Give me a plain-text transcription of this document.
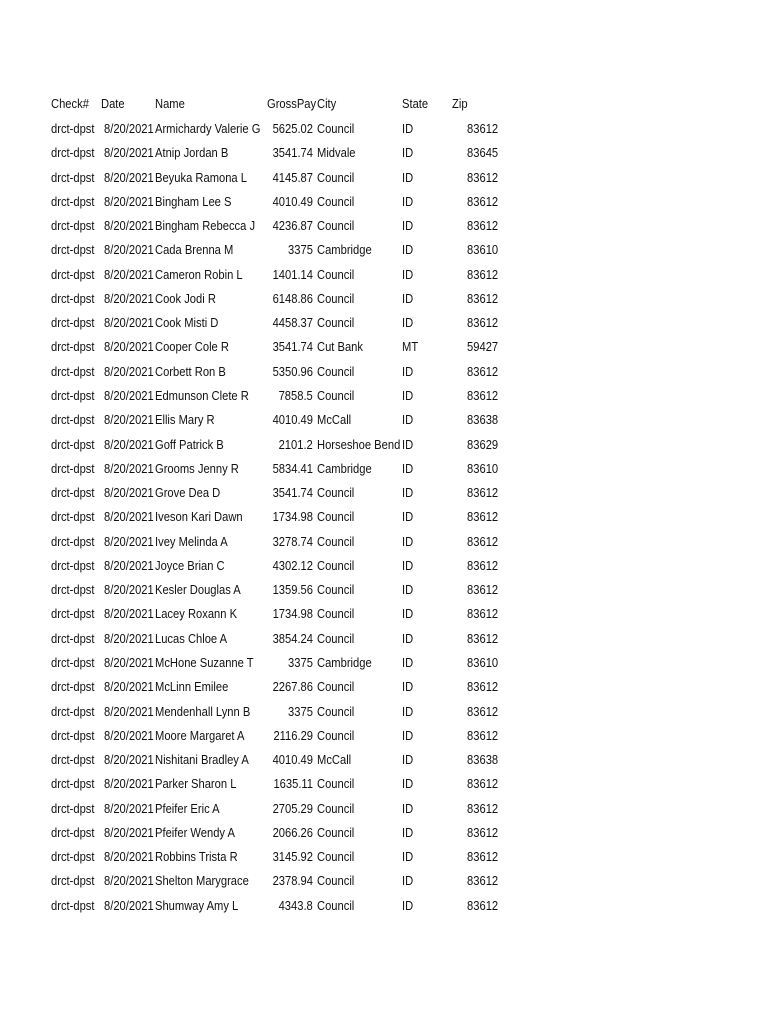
Check# Date Name	GrossPay City	State Zip
drct-dpst 8/20/2021 Armichardy Valerie G 5625.02 Council	ID	83612
drct-dpst 8/20/2021 Atnip Jordan B	3541.74 Midvale	ID	83645
drct-dpst 8/20/2021 Beyuka Ramona L 4145.87 Council	ID	83612
drct-dpst 8/20/2021 Bingham Lee S	4010.49 Council	ID	83612
drct-dpst 8/20/2021 Bingham Rebecca J 4236.87 Council	ID	83612
drct-dpst 8/20/2021 Cada Brenna M	3375 Cambridge ID	83610
drct-dpst 8/20/2021 Cameron Robin L 1401.14 Council	ID	83612
drct-dpst 8/20/2021 Cook Jodi R	6148.86 Council	ID	83612
drct-dpst 8/20/2021 Cook Misti D	4458.37 Council	ID	83612
drct-dpst 8/20/2021 Cooper Cole R	3541.74 Cut Bank	MT	59427
drct-dpst 8/20/2021 Corbett Ron B	5350.96 Council	ID	83612
drct-dpst 8/20/2021 Edmunson Clete R 7858.5 Council	ID	83612
drct-dpst 8/20/2021 Ellis Mary R	4010.49 McCall	ID	83638
drct-dpst 8/20/2021 Goff Patrick B	2101.2 Horseshoe Bend ID	83629
drct-dpst 8/20/2021 Grooms Jenny R	5834.41 Cambridge ID	83610
drct-dpst 8/20/2021 Grove Dea D	3541.74 Council	ID	83612
drct-dpst 8/20/2021 Iveson Kari Dawn 1734.98 Council	ID	83612
drct-dpst 8/20/2021 Ivey Melinda A	3278.74 Council	ID	83612
drct-dpst 8/20/2021 Joyce Brian C	4302.12 Council	ID	83612
drct-dpst 8/20/2021 Kesler Douglas A 1359.56 Council	ID	83612
drct-dpst 8/20/2021 Lacey Roxann K	1734.98 Council	ID	83612
drct-dpst 8/20/2021 Lucas Chloe A	3854.24 Council	ID	83612
drct-dpst 8/20/2021 McHone Suzanne T	3375 Cambridge ID	83610
drct-dpst 8/20/2021 McLinn Emilee	2267.86 Council	ID	83612
drct-dpst 8/20/2021 Mendenhall Lynn B	3375 Council	ID	83612
drct-dpst 8/20/2021 Moore Margaret A 2116.29 Council	ID	83612
drct-dpst 8/20/2021 Nishitani Bradley A 4010.49 McCall	ID	83638
drct-dpst 8/20/2021 Parker Sharon L	1635.11 Council	ID	83612
drct-dpst 8/20/2021 Pfeifer Eric A	2705.29 Council	ID	83612
drct-dpst 8/20/2021 Pfeifer Wendy A	2066.26 Council	ID	83612
drct-dpst 8/20/2021 Robbins Trista R	3145.92 Council	ID	83612
drct-dpst 8/20/2021 Shelton Marygrace 2378.94 Council	ID	83612
drct-dpst 8/20/2021 Shumway Amy L	4343.8 Council	ID	83612
